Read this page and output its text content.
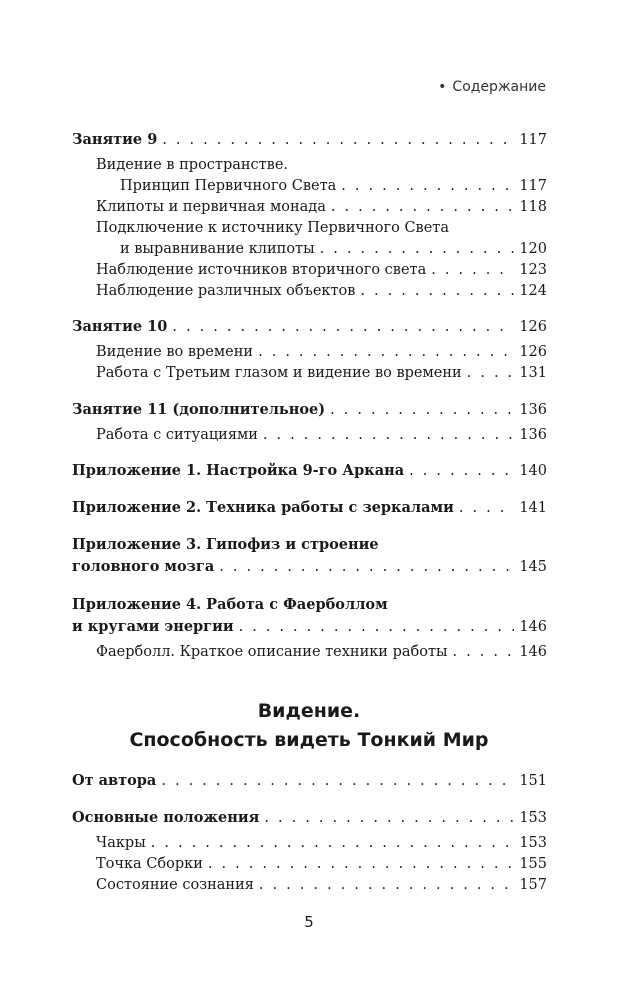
• Содержание
Занятие 9 . . .	117
Видение в пространстве.
Принцип Первичного Света . . .	117
Клипоты и первичная монада . . .	118
Подключение к источнику Первичного Света
и выравнивание клипоты . . .	120
Наблюдение источников вторичного света . . .	123
Наблюдение различных объектов . . .	124
Занятие 10 . . .	126
Видение во времени . . .	126
Работа с Третьим глазом и видение во времени . . .	131
Занятие 11 (дополнительное) . . .	136
Работа с ситуациями . . .	136
Приложение 1. Настройка 9-го Аркана . . .	140
Приложение 2. Техника работы с зеркалами . . .	141
Приложение 3. Гипофиз и строение
головного мозга . . .	145
Приложение 4. Работа с Фаерболлом
и кругами энергии . . .	146
Фаерболл. Краткое описание техники работы . . .	146
Видение.
Способность видеть Тонкий Мир
От автора . . .	151
Основные положения . . .	153
Чакры . . .	153
Точка Сборки . . .	155
Состояние сознания . . .	157
5
